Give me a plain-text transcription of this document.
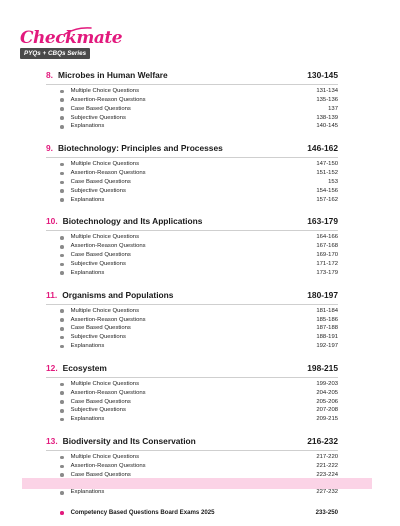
Checkmate
PYQs + CBQs Series
8. Microbes in Human Welfare	130-145
Multiple Choice Questions	131-134
Assertion-Reason Questions	135-136
Case Based Questions	137
Subjective Questions	138-139
Explanations	140-145
9. Biotechnology: Principles and Processes	146-162
Multiple Choice Questions	147-150
Assertion-Reason Questions	151-152
Case Based Questions	153
Subjective Questions	154-156
Explanations	157-162
10. Biotechnology and Its Applications	163-179
Multiple Choice Questions	164-166
Assertion-Reason Questions	167-168
Case Based Questions	169-170
Subjective Questions	171-172
Explanations	173-179
11. Organisms and Populations	180-197
Multiple Choice Questions	181-184
Assertion-Reason Questions	185-186
Case Based Questions	187-188
Subjective Questions	188-191
Explanations	192-197
12. Ecosystem	198-215
Multiple Choice Questions	199-203
Assertion-Reason Questions	204-205
Case Based Questions	205-206
Subjective Questions	207-208
Explanations	209-215
13. Biodiversity and Its Conservation	216-232
Multiple Choice Questions	217-220
Assertion-Reason Questions	221-222
Case Based Questions	223-224
Explanations	227-232
Competency Based Questions Board Exams 2025	233-250
